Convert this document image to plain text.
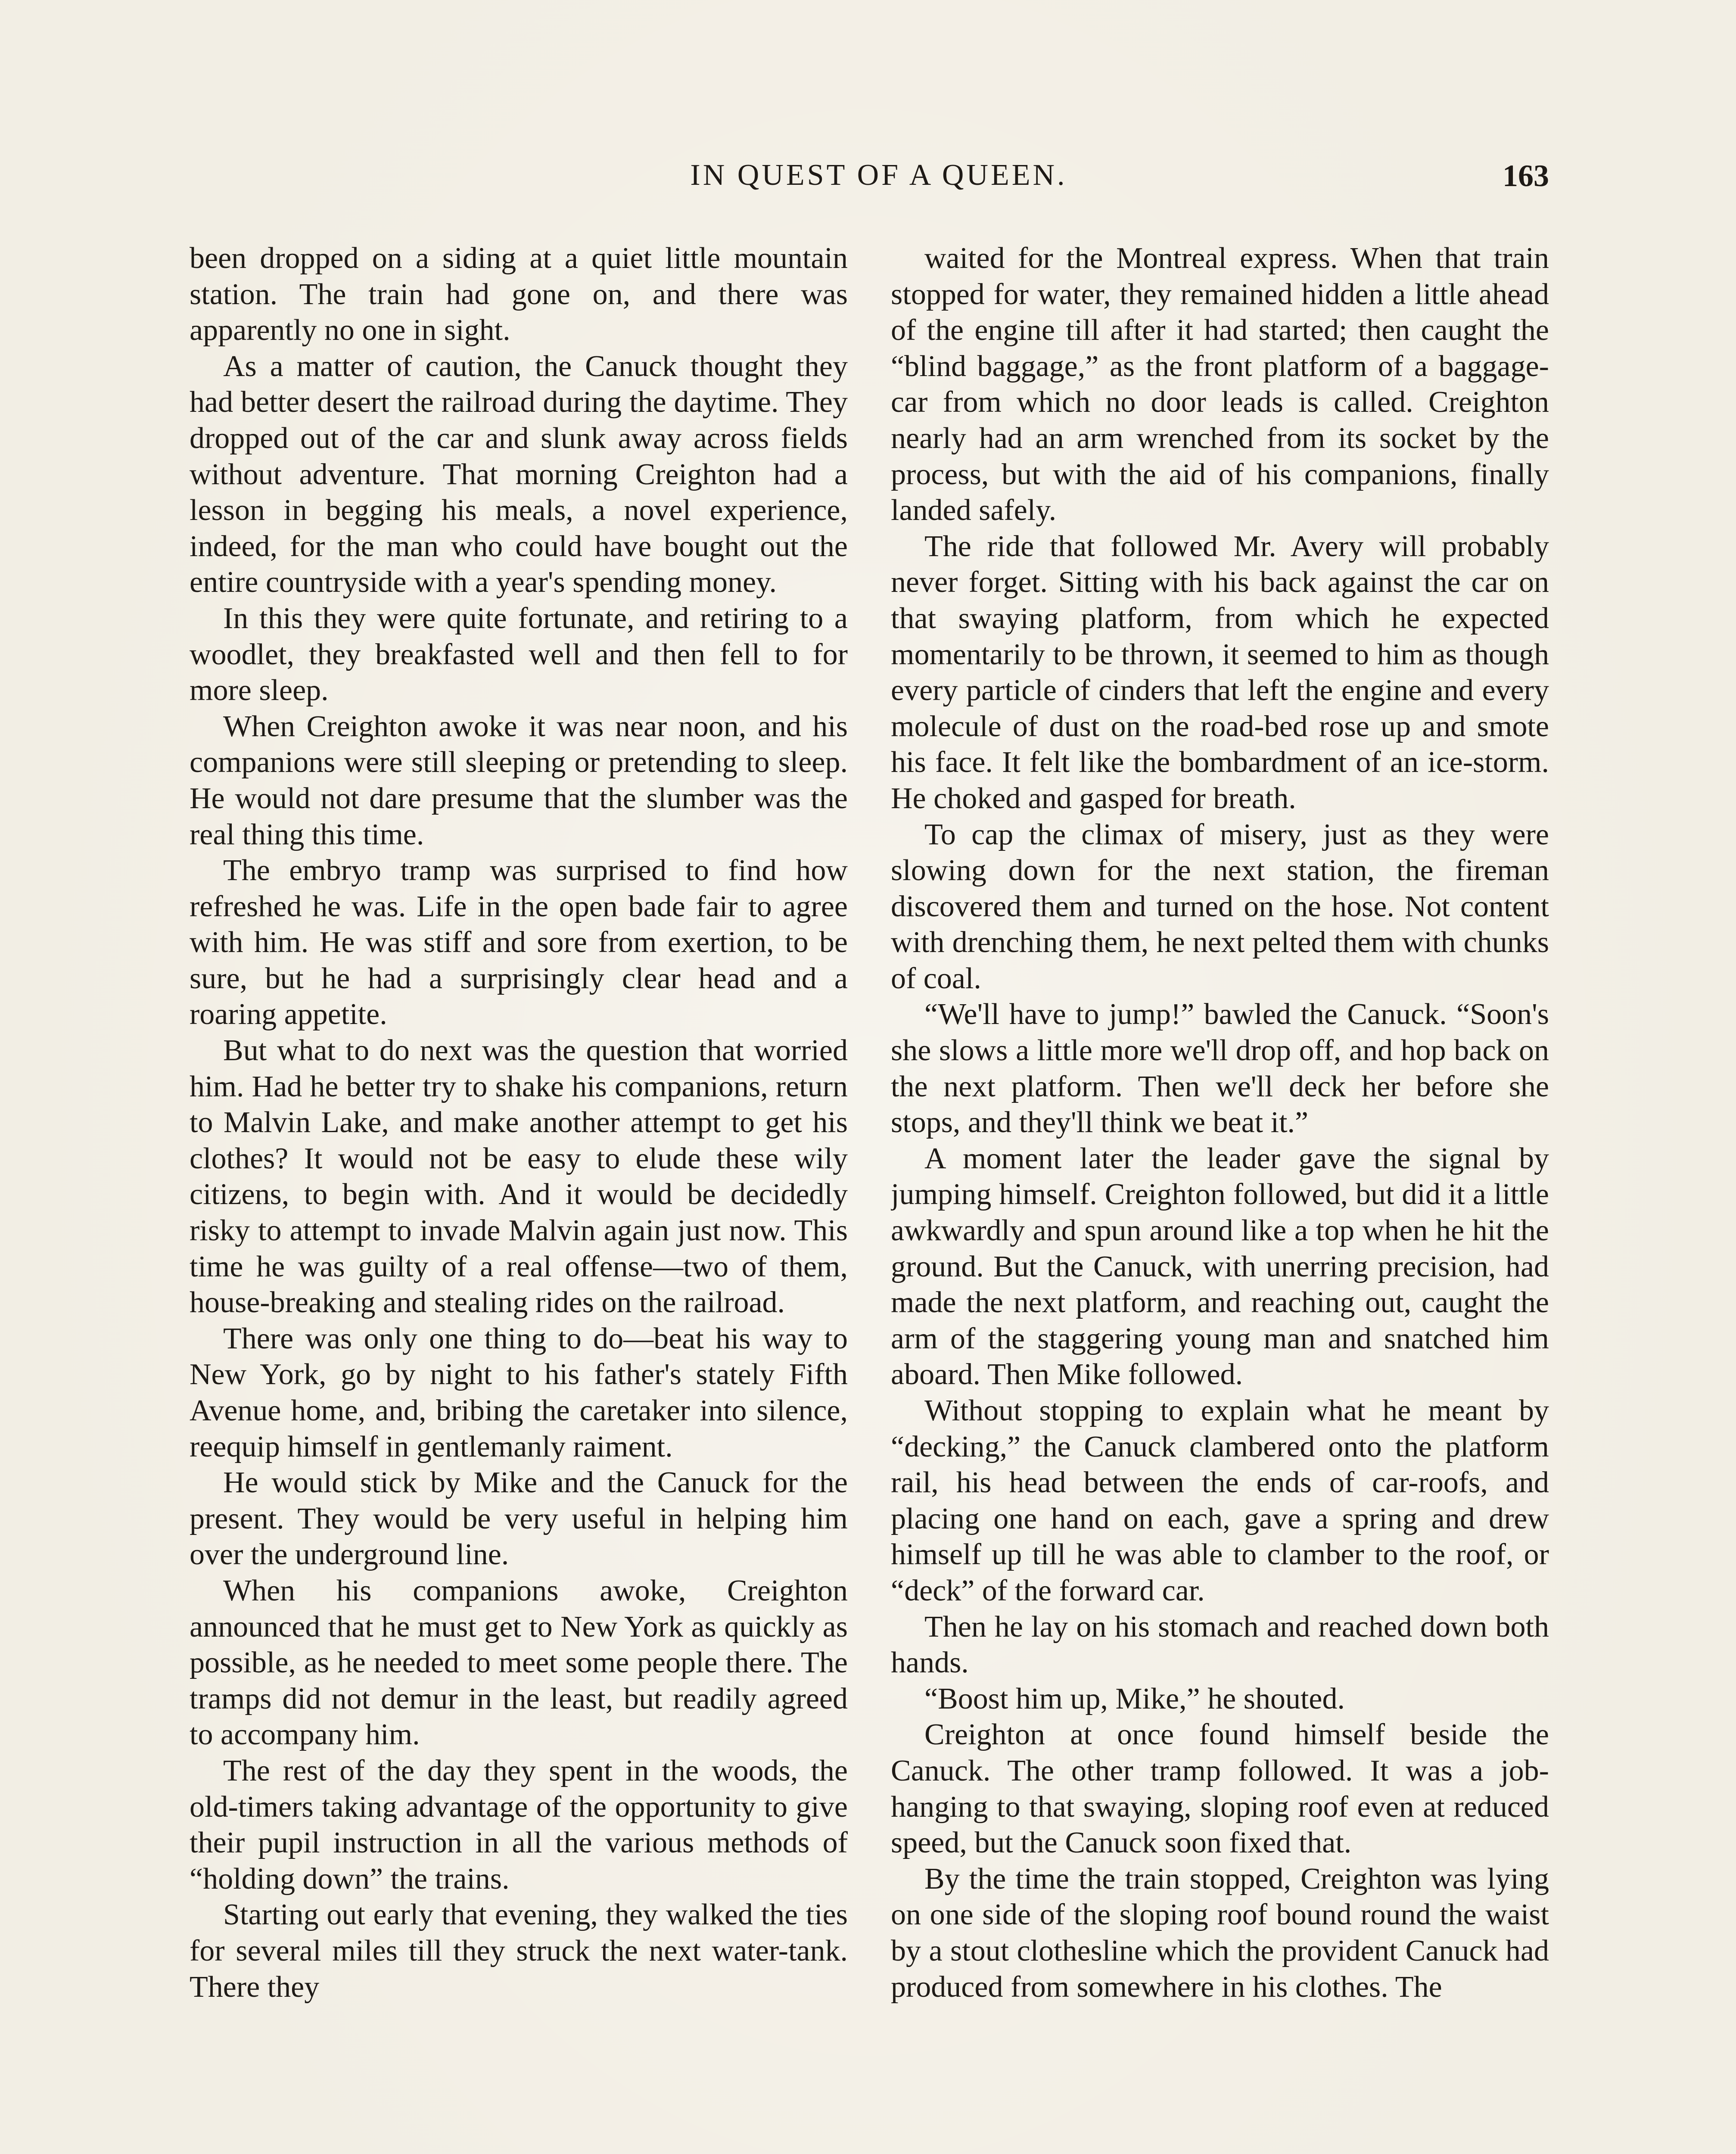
IN QUEST OF A QUEEN.	163

been dropped on a siding at a quiet little mountain station. The train had gone on, and there was apparently no one in sight.

As a matter of caution, the Canuck thought they had better desert the railroad during the daytime. They dropped out of the car and slunk away across fields without adventure. That morning Creighton had a lesson in begging his meals, a novel experience, indeed, for the man who could have bought out the entire countryside with a year's spending money.

In this they were quite fortunate, and retiring to a woodlet, they breakfasted well and then fell to for more sleep.

When Creighton awoke it was near noon, and his companions were still sleeping or pretending to sleep. He would not dare presume that the slumber was the real thing this time.

The embryo tramp was surprised to find how refreshed he was. Life in the open bade fair to agree with him. He was stiff and sore from exertion, to be sure, but he had a surprisingly clear head and a roaring appetite.

But what to do next was the question that worried him. Had he better try to shake his companions, return to Malvin Lake, and make another attempt to get his clothes? It would not be easy to elude these wily citizens, to begin with. And it would be decidedly risky to attempt to invade Malvin again just now. This time he was guilty of a real offense—two of them, house-breaking and stealing rides on the railroad.

There was only one thing to do—beat his way to New York, go by night to his father's stately Fifth Avenue home, and, bribing the caretaker into silence, reequip himself in gentlemanly raiment.

He would stick by Mike and the Canuck for the present. They would be very useful in helping him over the underground line.

When his companions awoke, Creighton announced that he must get to New York as quickly as possible, as he needed to meet some people there. The tramps did not demur in the least, but readily agreed to accompany him.

The rest of the day they spent in the woods, the old-timers taking advantage of the opportunity to give their pupil instruction in all the various methods of “holding down” the trains.

Starting out early that evening, they walked the ties for several miles till they struck the next water-tank. There they

waited for the Montreal express. When that train stopped for water, they remained hidden a little ahead of the engine till after it had started; then caught the “blind baggage,” as the front platform of a baggage-car from which no door leads is called. Creighton nearly had an arm wrenched from its socket by the process, but with the aid of his companions, finally landed safely.

The ride that followed Mr. Avery will probably never forget. Sitting with his back against the car on that swaying platform, from which he expected momentarily to be thrown, it seemed to him as though every particle of cinders that left the engine and every molecule of dust on the road-bed rose up and smote his face. It felt like the bombardment of an ice-storm. He choked and gasped for breath.

To cap the climax of misery, just as they were slowing down for the next station, the fireman discovered them and turned on the hose. Not content with drenching them, he next pelted them with chunks of coal.

“We'll have to jump!” bawled the Canuck. “Soon's she slows a little more we'll drop off, and hop back on the next platform. Then we'll deck her before she stops, and they'll think we beat it.”

A moment later the leader gave the signal by jumping himself. Creighton followed, but did it a little awkwardly and spun around like a top when he hit the ground. But the Canuck, with unerring precision, had made the next platform, and reaching out, caught the arm of the staggering young man and snatched him aboard. Then Mike followed.

Without stopping to explain what he meant by “decking,” the Canuck clambered onto the platform rail, his head between the ends of car-roofs, and placing one hand on each, gave a spring and drew himself up till he was able to clamber to the roof, or “deck” of the forward car.

Then he lay on his stomach and reached down both hands.

“Boost him up, Mike,” he shouted.

Creighton at once found himself beside the Canuck. The other tramp followed. It was a job-hanging to that swaying, sloping roof even at reduced speed, but the Canuck soon fixed that.

By the time the train stopped, Creighton was lying on one side of the sloping roof bound round the waist by a stout clothesline which the provident Canuck had produced from somewhere in his clothes. The
